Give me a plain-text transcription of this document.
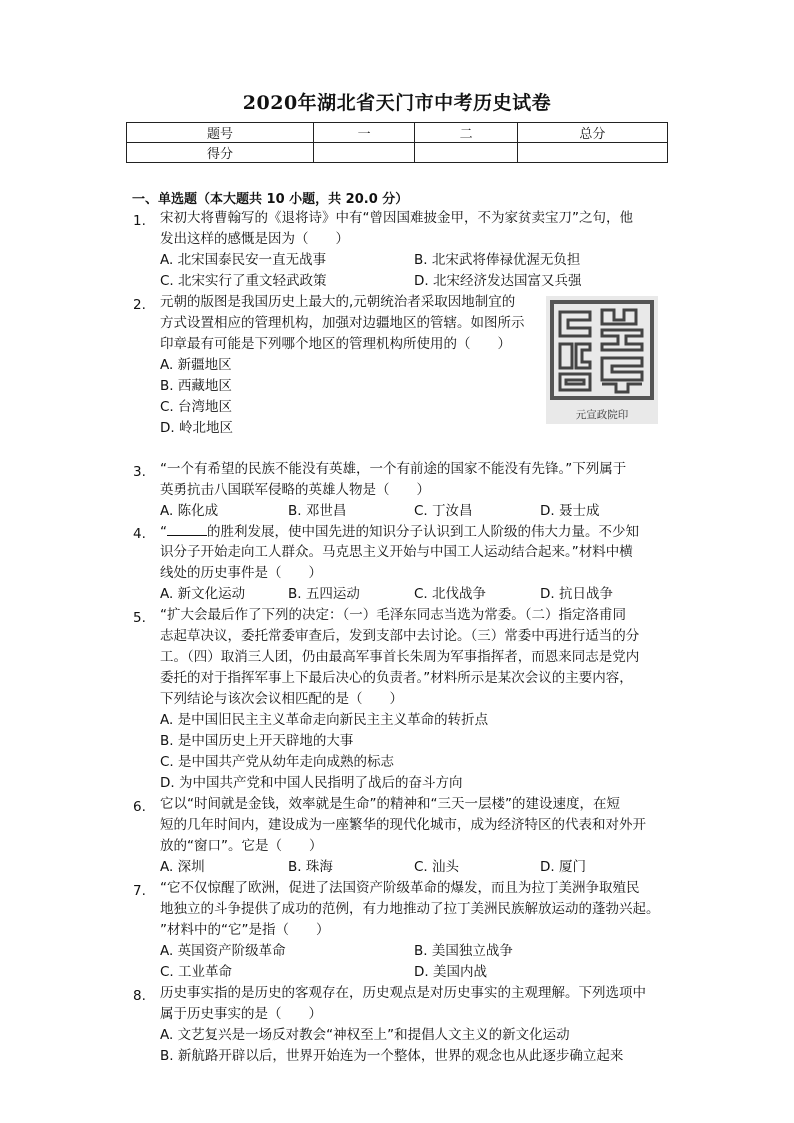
2020年湖北省天门市中考历史试卷
题号	一	二	总分
得分			
一、单选题（本大题共 10 小题，共 20.0 分）
1. 宋初大将曹翰写的《退将诗》中有“曾因国难披金甲，不为家贫卖宝刀”之句，他
发出这样的感慨是因为（　　）
A. 北宋国泰民安一直无战事	B. 北宋武将俸禄优渥无负担
C. 北宋实行了重文轻武政策	D. 北宋经济发达国富又兵强
2. 元朝的版图是我国历史上最大的,元朝统治者采取因地制宜的
方式设置相应的管理机构，加强对边疆地区的管辖。如图所示
印章最有可能是下列哪个地区的管理机构所使用的（　　）
A. 新疆地区
B. 西藏地区
C. 台湾地区
D. 岭北地区
元宣政院印
3. “一个有希望的民族不能没有英雄，一个有前途的国家不能没有先锋。”下列属于
英勇抗击八国联军侵略的英雄人物是（　　）
A. 陈化成	B. 邓世昌	C. 丁汝昌	D. 聂士成
4. “	的胜利发展，使中国先进的知识分子认识到工人阶级的伟大力量。不少知
识分子开始走向工人群众。马克思主义开始与中国工人运动结合起来。”材料中横
线处的历史事件是（　　）
A. 新文化运动	B. 五四运动	C. 北伐战争	D. 抗日战争
5. “扩大会最后作了下列的决定：（一）毛泽东同志当选为常委。（二）指定洛甫同
志起草决议，委托常委审查后，发到支部中去讨论。（三）常委中再进行适当的分
工。（四）取消三人团，仍由最高军事首长朱周为军事指挥者，而恩来同志是党内
委托的对于指挥军事上下最后决心的负责者。”材料所示是某次会议的主要内容，
下列结论与该次会议相匹配的是（　　）
A. 是中国旧民主主义革命走向新民主主义革命的转折点
B. 是中国历史上开天辟地的大事
C. 是中国共产党从幼年走向成熟的标志
D. 为中国共产党和中国人民指明了战后的奋斗方向
6. 它以“时间就是金钱，效率就是生命”的精神和“三天一层楼”的建设速度，在短
短的几年时间内，建设成为一座繁华的现代化城市，成为经济特区的代表和对外开
放的“窗口”。它是（　　）
A. 深圳	B. 珠海	C. 汕头	D. 厦门
7. “它不仅惊醒了欧洲，促进了法国资产阶级革命的爆发，而且为拉丁美洲争取殖民
地独立的斗争提供了成功的范例，有力地推动了拉丁美洲民族解放运动的蓬勃兴起。
”材料中的“它”是指（　　）
A. 英国资产阶级革命	B. 美国独立战争
C. 工业革命	D. 美国内战
8. 历史事实指的是历史的客观存在，历史观点是对历史事实的主观理解。下列选项中
属于历史事实的是（　　）
A. 文艺复兴是一场反对教会“神权至上”和提倡人文主义的新文化运动
B. 新航路开辟以后，世界开始连为一个整体，世界的观念也从此逐步确立起来
